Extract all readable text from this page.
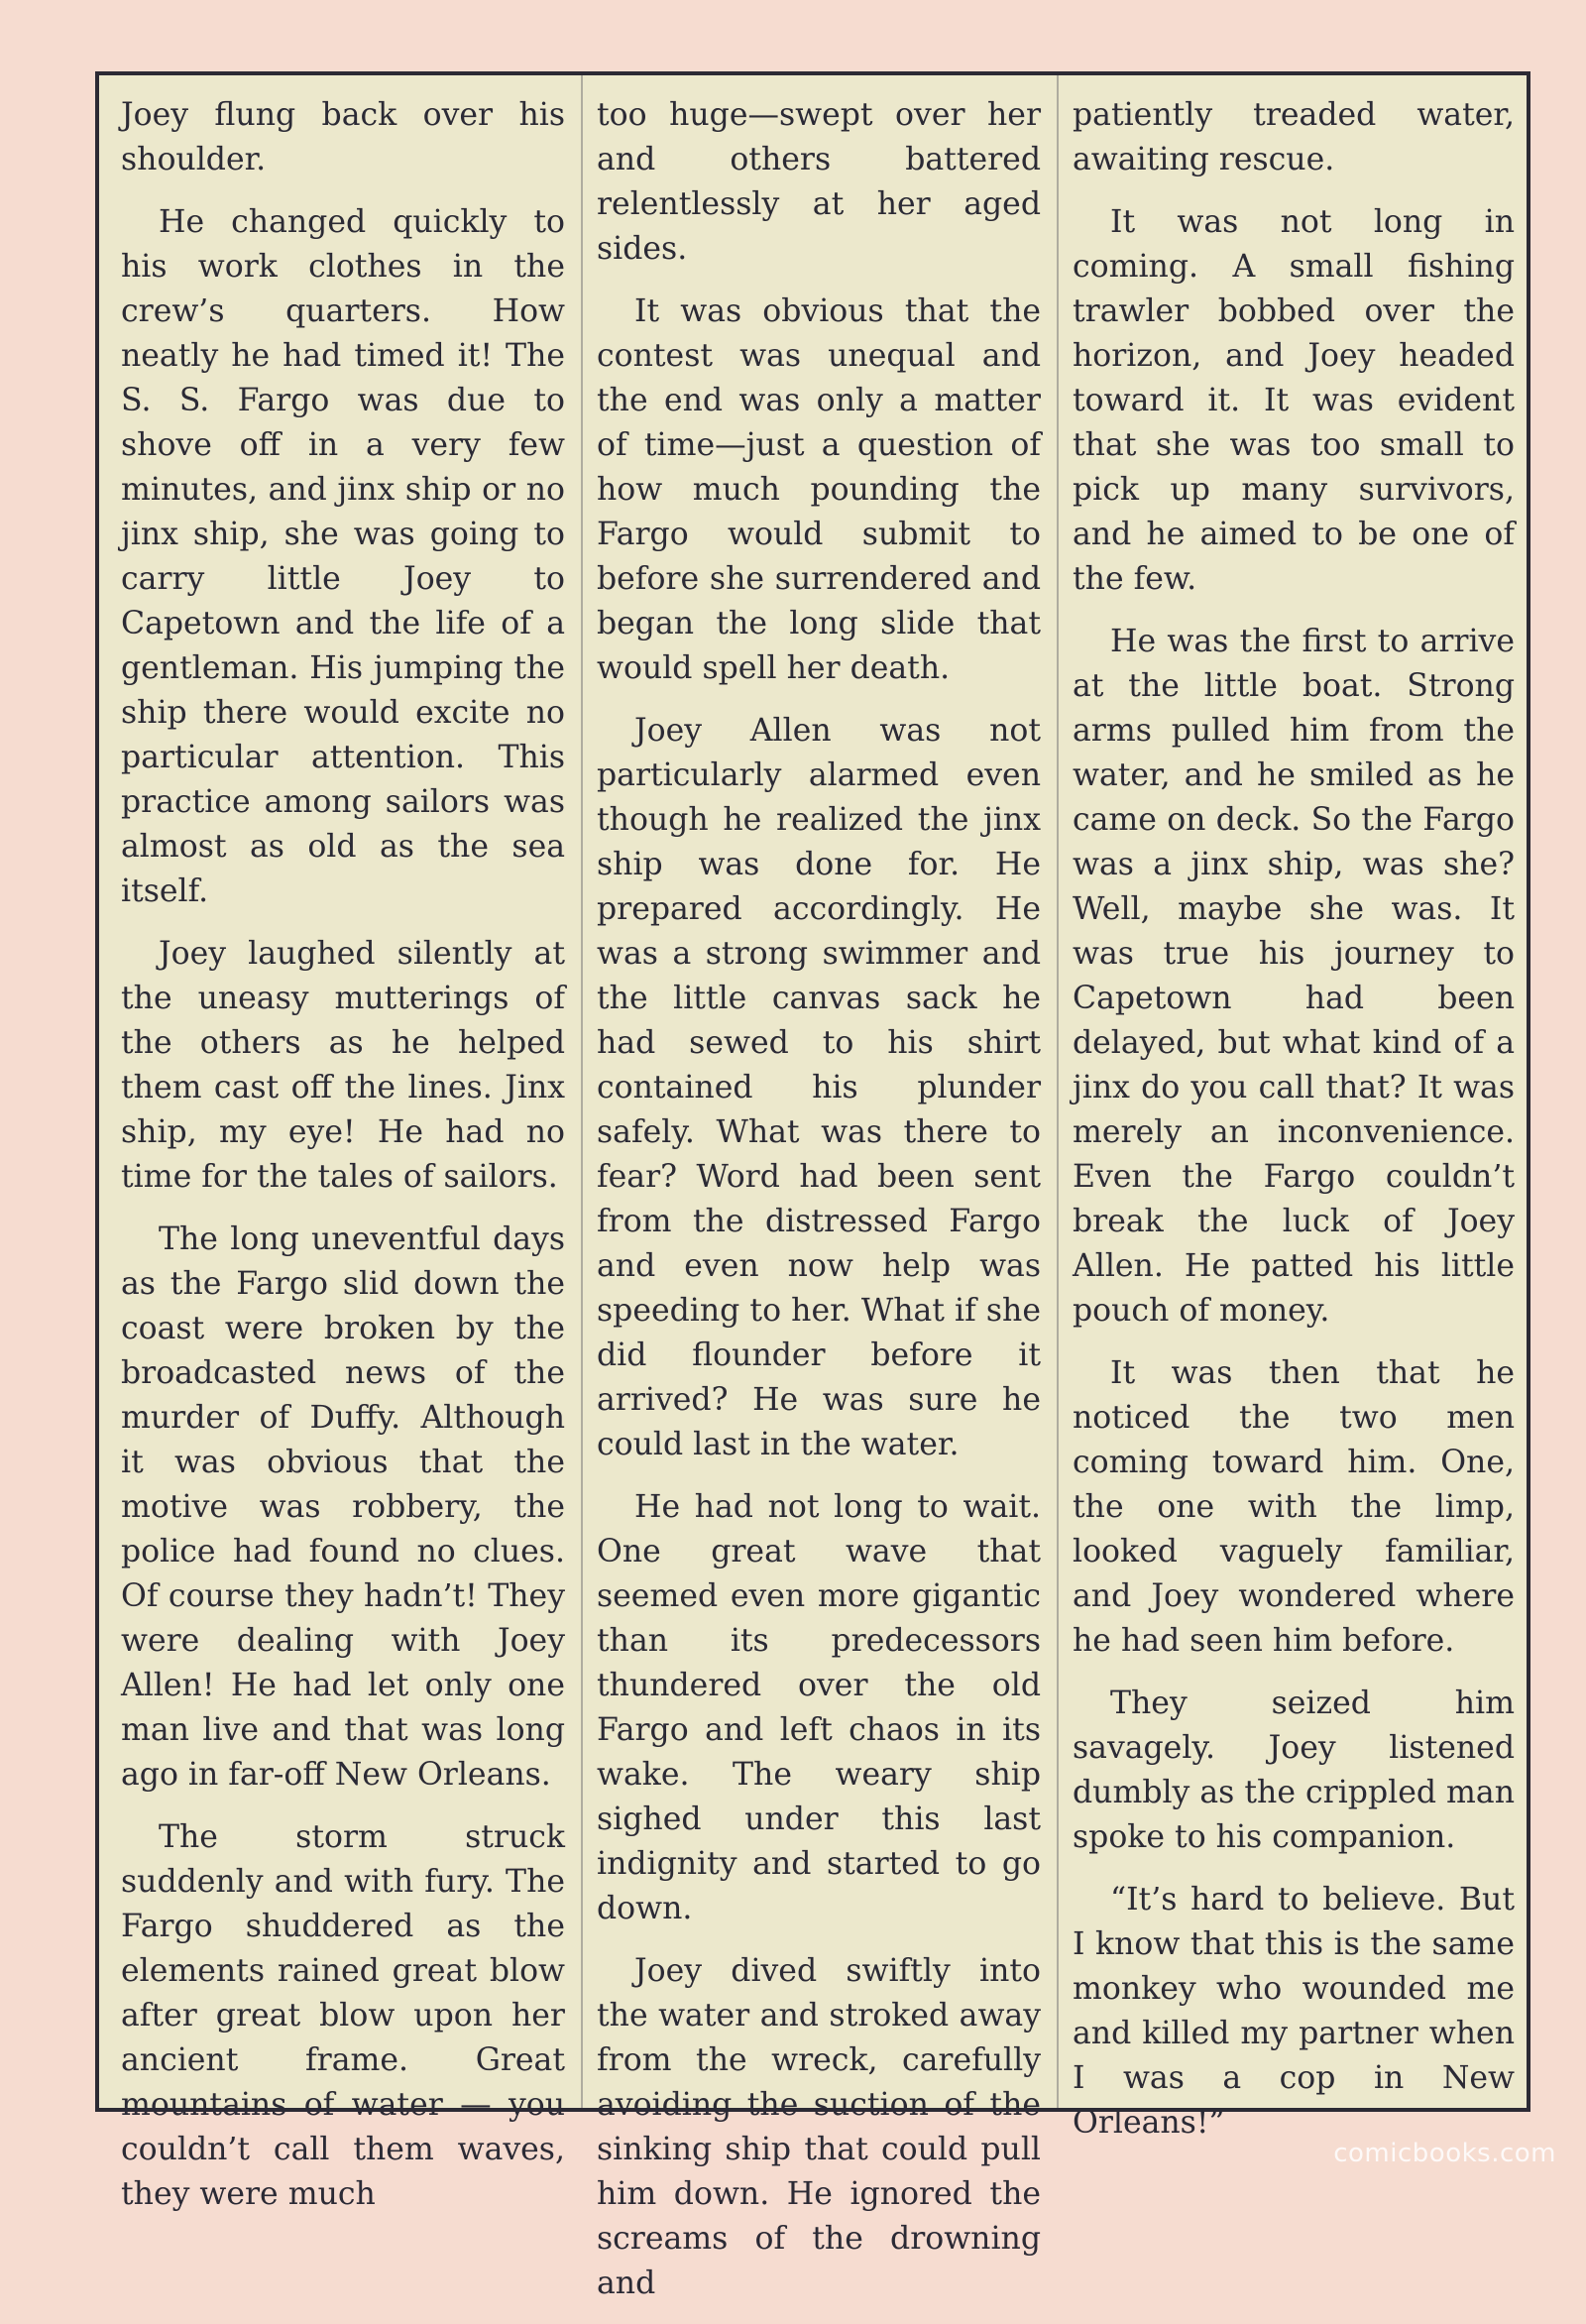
Joey flung back over his shoulder.

He changed quickly to his work clothes in the crew’s quarters. How neatly he had timed it! The S. S. Fargo was due to shove off in a very few minutes, and jinx ship or no jinx ship, she was going to carry little Joey to Capetown and the life of a gentleman. His jumping the ship there would excite no particular attention. This practice among sailors was almost as old as the sea itself.

Joey laughed silently at the uneasy mutterings of the others as he helped them cast off the lines. Jinx ship, my eye! He had no time for the tales of sailors.

The long uneventful days as the Fargo slid down the coast were broken by the broadcasted news of the murder of Duffy. Although it was obvious that the motive was robbery, the police had found no clues. Of course they hadn’t! They were dealing with Joey Allen! He had let only one man live and that was long ago in far-off New Orleans.

The storm struck suddenly and with fury. The Fargo shuddered as the elements rained great blow after great blow upon her ancient frame. Great mountains of water — you couldn’t call them waves, they were much

too huge—swept over her and others battered relentlessly at her aged sides.

It was obvious that the contest was unequal and the end was only a matter of time—just a question of how much pounding the Fargo would submit to before she surrendered and began the long slide that would spell her death.

Joey Allen was not particularly alarmed even though he realized the jinx ship was done for. He prepared accordingly. He was a strong swimmer and the little canvas sack he had sewed to his shirt contained his plunder safely. What was there to fear? Word had been sent from the distressed Fargo and even now help was speeding to her. What if she did flounder before it arrived? He was sure he could last in the water.

He had not long to wait. One great wave that seemed even more gigantic than its predecessors thundered over the old Fargo and left chaos in its wake. The weary ship sighed under this last indignity and started to go down.

Joey dived swiftly into the water and stroked away from the wreck, carefully avoiding the suction of the sinking ship that could pull him down. He ignored the screams of the drowning and

patiently treaded water, awaiting rescue.

It was not long in coming. A small fishing trawler bobbed over the horizon, and Joey headed toward it. It was evident that she was too small to pick up many survivors, and he aimed to be one of the few.

He was the first to arrive at the little boat. Strong arms pulled him from the water, and he smiled as he came on deck. So the Fargo was a jinx ship, was she? Well, maybe she was. It was true his journey to Capetown had been delayed, but what kind of a jinx do you call that? It was merely an inconvenience. Even the Fargo couldn’t break the luck of Joey Allen. He patted his little pouch of money.

It was then that he noticed the two men coming toward him. One, the one with the limp, looked vaguely familiar, and Joey wondered where he had seen him before.

They seized him savagely. Joey listened dumbly as the crippled man spoke to his companion.

“It’s hard to believe. But I know that this is the same monkey who wounded me and killed my partner when I was a cop in New Orleans!”

comicbooks.com
